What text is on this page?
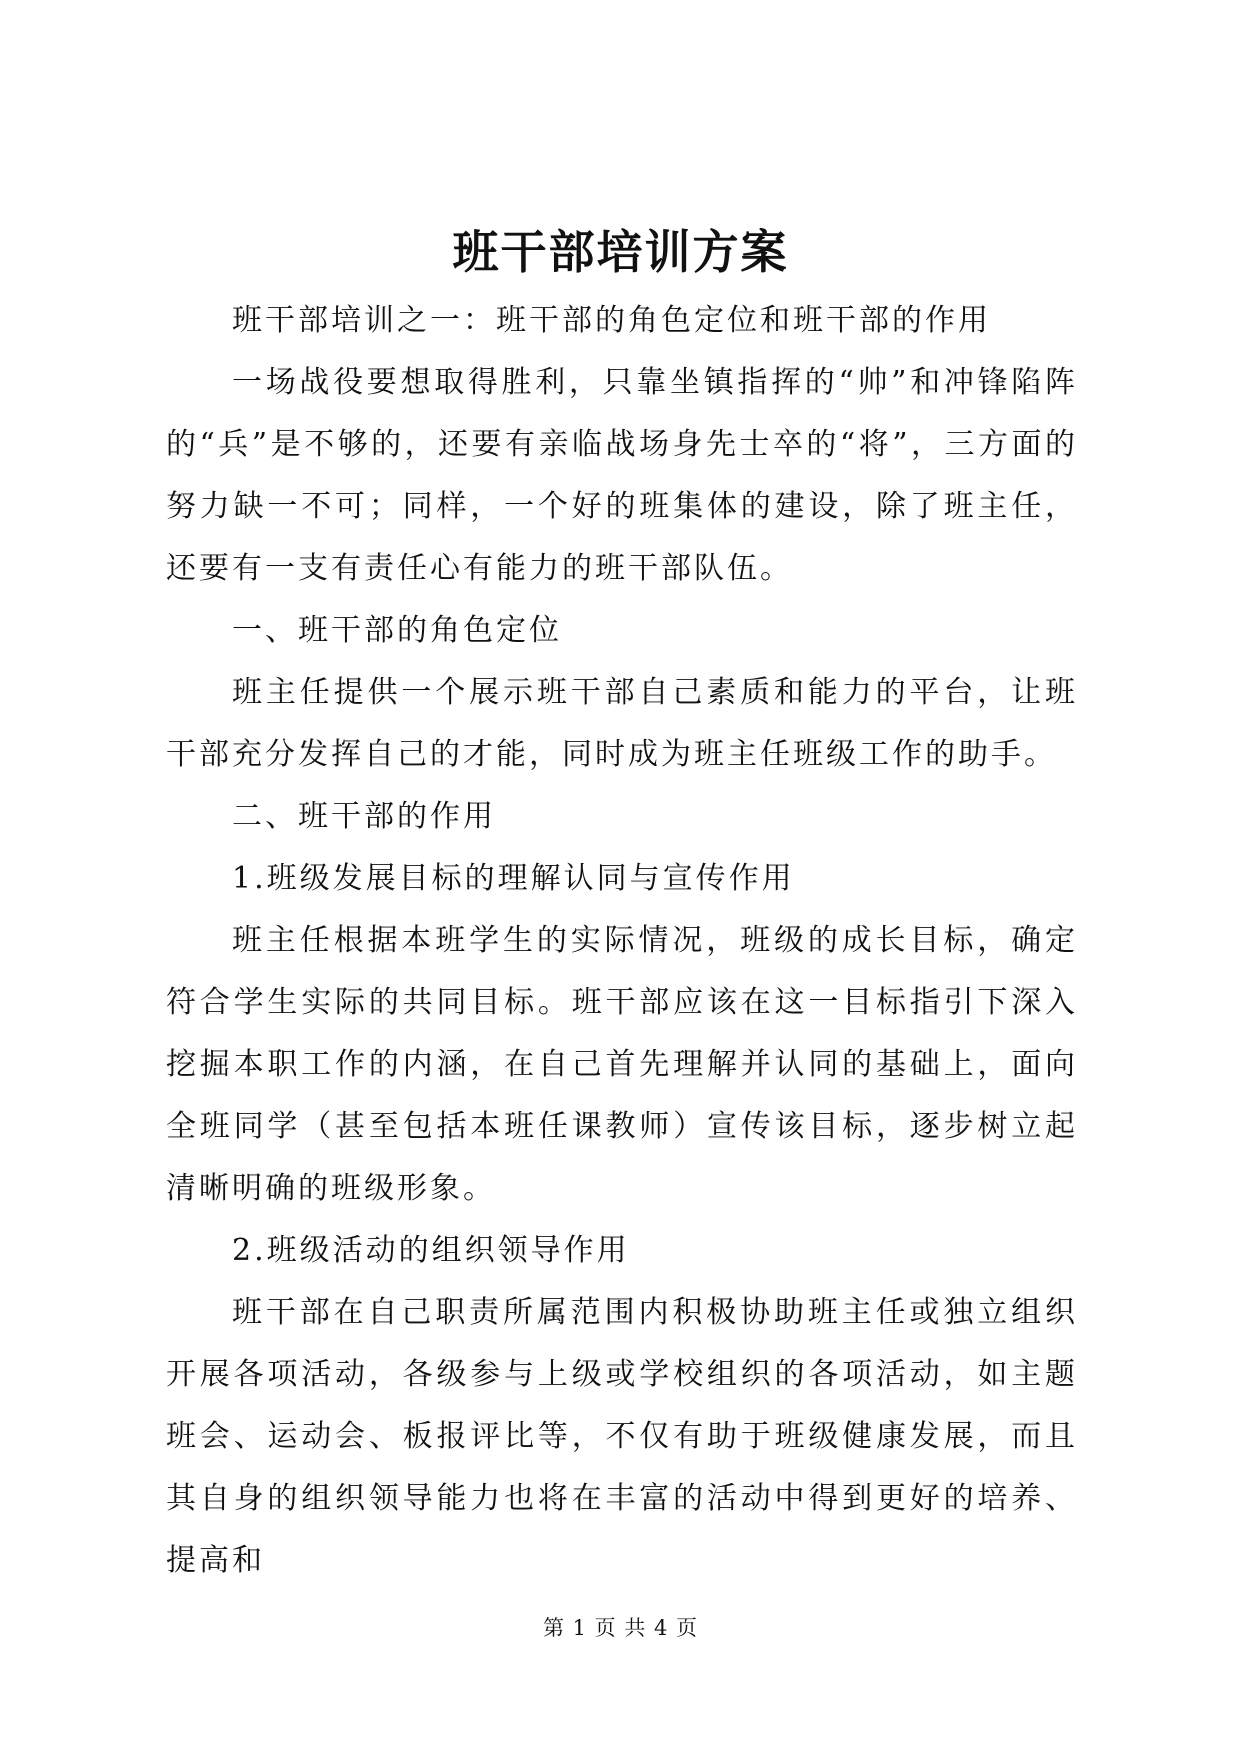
班干部培训方案

班干部培训之一：班干部的角色定位和班干部的作用

一场战役要想取得胜利，只靠坐镇指挥的“帅”和冲锋陷阵的“兵”是不够的，还要有亲临战场身先士卒的“将”，三方面的努力缺一不可；同样，一个好的班集体的建设，除了班主任，还要有一支有责任心有能力的班干部队伍。

一、班干部的角色定位

班主任提供一个展示班干部自己素质和能力的平台，让班干部充分发挥自己的才能，同时成为班主任班级工作的助手。

二、班干部的作用

1.班级发展目标的理解认同与宣传作用

班主任根据本班学生的实际情况，班级的成长目标，确定符合学生实际的共同目标。班干部应该在这一目标指引下深入挖掘本职工作的内涵，在自己首先理解并认同的基础上，面向全班同学（甚至包括本班任课教师）宣传该目标，逐步树立起清晰明确的班级形象。

2.班级活动的组织领导作用

班干部在自己职责所属范围内积极协助班主任或独立组织开展各项活动，各级参与上级或学校组织的各项活动，如主题班会、运动会、板报评比等，不仅有助于班级健康发展，而且其自身的组织领导能力也将在丰富的活动中得到更好的培养、提高和

第 1 页 共 4 页
